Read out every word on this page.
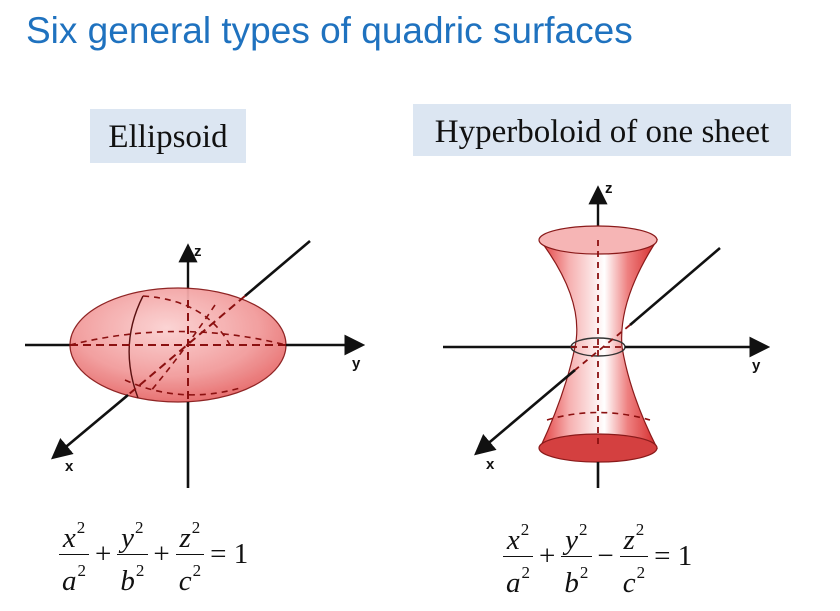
Six general types of quadric surfaces
Ellipsoid	Hyperboloid of one sheet
z
y
x
z
y
x
$\frac{x^2}{a^2} + \frac{y^2}{b^2} + \frac{z^2}{c^2} = 1$	$\frac{x^2}{a^2} + \frac{y^2}{b^2} - \frac{z^2}{c^2} = 1$
